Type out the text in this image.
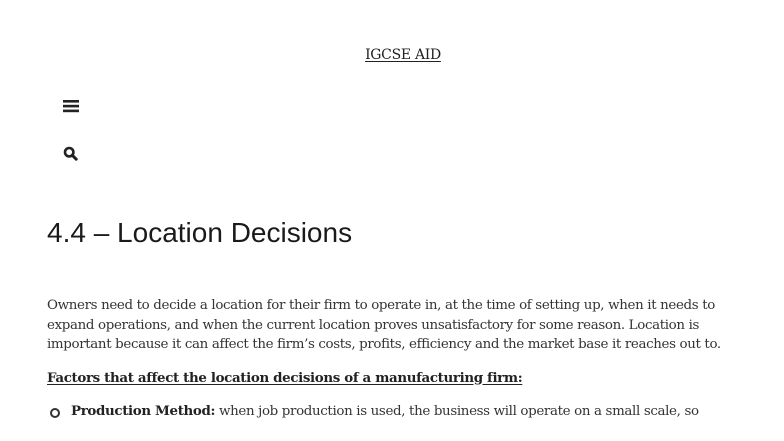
IGCSE AID
4.4 – Location Decisions

Owners need to decide a location for their firm to operate in, at the time of setting up, when it needs to expand operations, and when the current location proves unsatisfactory for some reason. Location is important because it can affect the firm’s costs, profits, efficiency and the market base it reaches out to.

Factors that affect the location decisions of a manufacturing firm:

Production Method: when job production is used, the business will operate on a small scale, so
